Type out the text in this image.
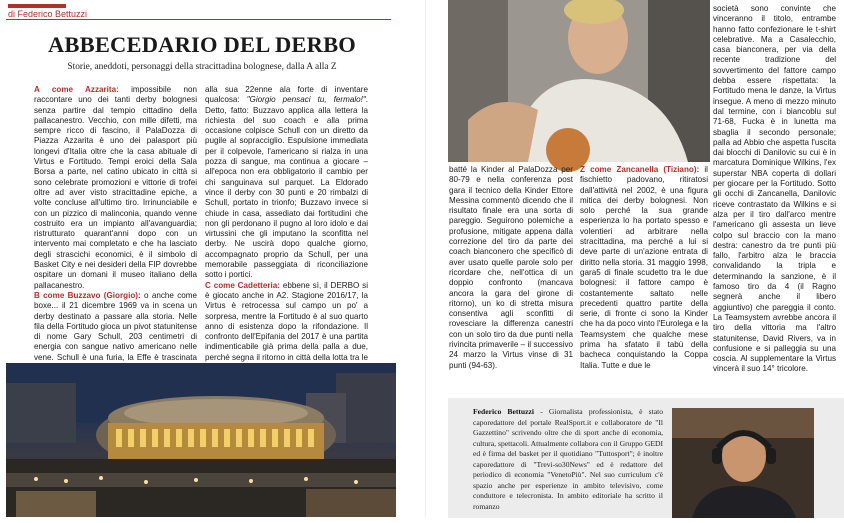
di Federico Bettuzzi
ABBECEDARIO DEL DERBO
Storie, aneddoti, personaggi della stracittadina bolognese, dalla A alla Z

A come Azzarita: impossibile non raccontare uno dei tanti derby bolognesi senza partire dal tempio cittadino della pallacanestro. Vecchio, con mille difetti, ma sempre ricco di fascino, il PalaDozza di Piazza Azzarita è uno dei palasport più longevi d'Italia oltre che la casa abituale di Virtus e Fortitudo. Tempi eroici della Sala Borsa a parte, nel catino ubicato in città si sono celebrate promozioni e vittorie di trofei oltre ad aver visto stracittadine epiche, a volte concluse all'ultimo tiro. Irrinunciabile e con un pizzico di malinconia, quando venne costruito era un impianto all'avanguardia; ristrutturato quarant'anni dopo con un intervento mai completato e che ha lasciato degli strascichi economici, è il simbolo di Basket City e nei desideri della FIP dovrebbe ospitare un domani il museo italiano della pallacanestro.

B come Buzzavo (Giorgio): o anche come boxe... il 21 dicembre 1969 va in scena un derby destinato a passare alla storia. Nelle fila della Fortitudo gioca un pivot statunitense di nome Gary Schull, 203 centimetri di energia con sangue nativo americano nelle vene. Schull è una furia, la Effe è trascinata

alla sua 22enne ala forte di inventare qualcosa: "Giorgio pensaci tu, fermalo!". Detto, fatto: Buzzavo applica alla lettera la richiesta del suo coach e alla prima occasione colpisce Schull con un diretto da pugile al sopracciglio. Espulsione immediata per il colpevole, l'americano si rialza in una pozza di sangue, ma continua a giocare – all'epoca non era obbligatorio il cambio per chi sanguinava sul parquet. La Eldorado vince il derby con 30 punti e 20 rimbalzi di Schull, portato in trionfo; Buzzavo invece si chiude in casa, assediato dai fortitudini che non gli perdonano il pugno al loro idolo e dai virtussini che gli imputano la sconfitta nel derby. Ne uscirà dopo qualche giorno, accompagnato proprio da Schull, per una memorabile passeggiata di riconciliazione sotto i portici.

C come Cadetteria: ebbene sì, il DERBO si è giocato anche in A2. Stagione 2016/17, la Virtus è retrocessa sul campo un po' a sorpresa, mentre la Fortitudo è al suo quarto anno di esistenza dopo la rifondazione. Il confronto dell'Epifania del 2017 è una partita indimenticabile già prima della palla a due, perché segna il ritorno in città della lotta tra le

batté la Kinder al PalaDozza per 80-79 e nella conferenza post gara il tecnico della Kinder Ettore Messina commentò dicendo che il risultato finale era una sorta di pareggio. Seguirono polemiche a profusione, mitigate appena dalla correzione del tiro da parte dei coach bianconero che specificò di aver usato quelle parole solo per ricordare che, nell'ottica di un doppio confronto (mancava ancora la gara del girone di ritorno), un ko di stretta misura consentiva agli sconfitti di rovesciare la differenza canestri con un solo tiro da due punti nella rivincita primaverile – il successivo 24 marzo la Virtus vinse di 31 punti (94-63).

Z come Zancanella (Tiziano): il fischietto padovano, ritiratosi dall'attività nel 2002, è una figura mitica dei derby bolognesi. Non solo perché la sua grande esperienza lo ha portato spesso e volentieri ad arbitrare nella stracittadina, ma perché a lui si deve parte di un'azione entrata di diritto nella storia. 31 maggio 1998, gara5 di finale scudetto tra le due bolognesi: il fattore campo è costantemente saltato nelle precedenti quattro partite della serie, di fronte ci sono la Kinder che ha da poco vinto l'Eurolega e la Teamsystem che qualche mese prima ha sfatato il tabù della bacheca conquistando la Coppa Italia. Tutte e due le

società sono convinte che vinceranno il titolo, entrambe hanno fatto confezionare le t-shirt celebrative. Ma a Casalecchio, casa bianconera, per via della recente tradizione del sovvertimento del fattore campo debba essere rispettata: la Fortitudo mena le danze, la Virtus insegue. A meno di mezzo minuto dal termine, con i biancoblu sul 71-68, Fucka è in lunetta ma sbaglia il secondo personale; palla ad Abbio che aspetta l'uscita dai blocchi di Danilovic su cui è in marcatura Dominique Wilkins, l'ex superstar NBA coperta di dollari per giocare per la Fortitudo. Sotto gli occhi di Zancanella, Danilovic riceve contrastato da Wilkins e si alza per il tiro dall'arco mentre l'americano gli assesta un lieve colpo sul braccio con la mano destra: canestro da tre punti più fallo, l'arbitro alza le braccia convalidando la tripla e determinando la sanzione, è il famoso tiro da 4 (il Ragno segnerà anche il libero aggiuntivo) che pareggia il conto. La Teamsystem avrebbe ancora il tiro della vittoria ma l'altro statunitense, David Rivers, va in confusione e si palleggia su una coscia. Al supplementare la Virtus vincerà il suo 14° tricolore.

Federico Bettuzzi - Giornalista professionista, è stato caporedattore del portale RealSport.it e collaboratore de "Il Gazzettino" scrivendo oltre che di sport anche di economia, cultura, spettacoli. Attualmente collabora con il Gruppo GEDI ed è firma del basket per il quotidiano "Tuttosport"; è inoltre caporedattore di "Trevi-so30News" ed è redattore del periodico di economia "VenetoPiù". Nel suo curriculum c'è spazio anche per esperienze in ambito televisivo, come conduttore e telecronista. In ambito editoriale ha scritto il romanzo
